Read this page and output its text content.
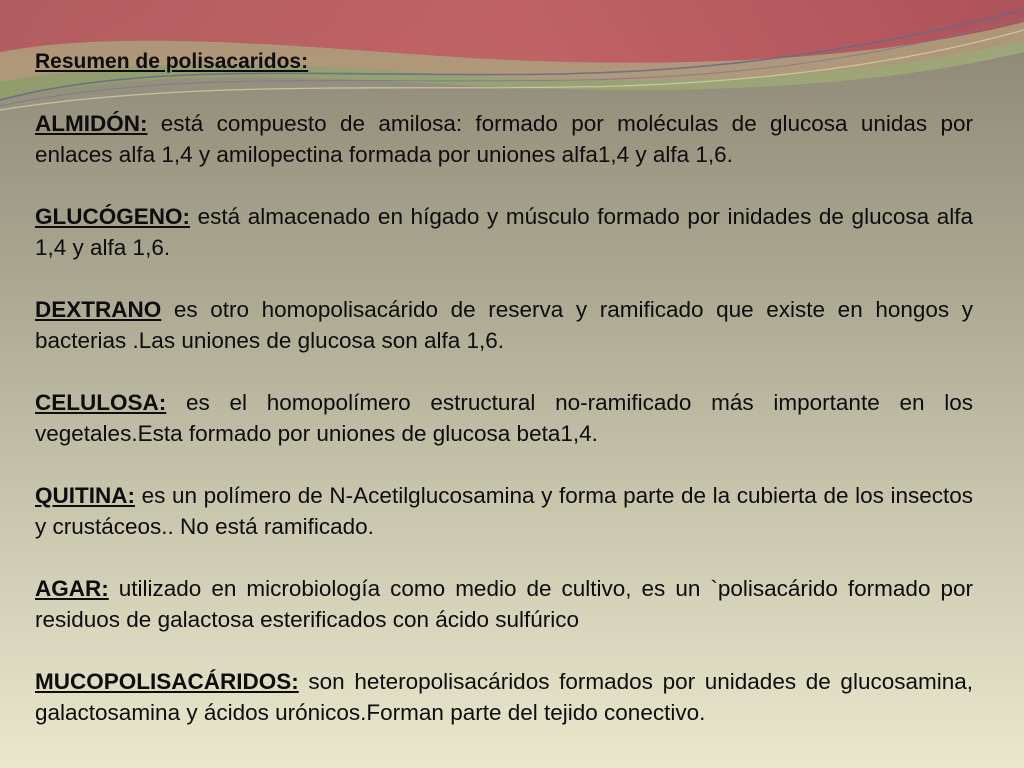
Resumen de polisacaridos:
ALMIDÓN: está compuesto de amilosa: formado por moléculas de glucosa unidas por enlaces alfa 1,4 y amilopectina formada por uniones alfa1,4 y alfa 1,6.
GLUCÓGENO: está almacenado en hígado y músculo formado por inidades de glucosa alfa 1,4 y alfa 1,6.
DEXTRANO es otro homopolisacárido de reserva y ramificado que existe en hongos y bacterias .Las uniones de glucosa son alfa 1,6.
CELULOSA: es el homopolímero estructural no-ramificado más importante en los vegetales.Esta formado por uniones de glucosa beta1,4.
QUITINA: es un polímero de N-Acetilglucosamina y forma parte de la cubierta de los insectos y crustáceos.. No está ramificado.
AGAR: utilizado en microbiología como medio de cultivo, es un `polisacárido formado por residuos de galactosa esterificados con ácido sulfúrico
MUCOPOLISACÁRIDOS: son heteropolisacáridos formados por unidades de glucosamina, galactosamina y ácidos urónicos.Forman parte del tejido conectivo.
